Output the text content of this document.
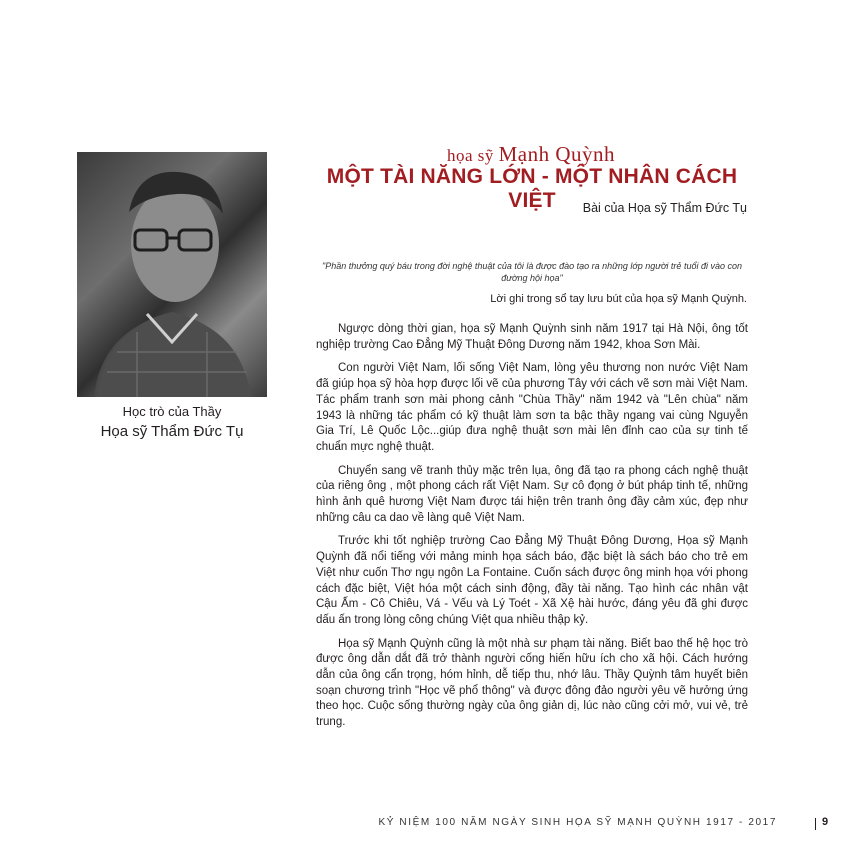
Học trò của Thầy
Họa sỹ Thẩm Đức Tụ
họa sỹ Mạnh Quỳnh
MỘT TÀI NĂNG LỚN - MỘT NHÂN CÁCH VIỆT	Bài của Họa sỹ Thẩm Đức Tụ
"Phần thưởng quý báu trong đời nghệ thuật của tôi là được đào tạo ra những lớp người trẻ tuổi đi vào con đường hội họa"
Lời ghi trong sổ tay lưu bút của họa sỹ Mạnh Quỳnh.

Ngược dòng thời gian, họa sỹ Mạnh Quỳnh sinh năm 1917 tại Hà Nội, ông tốt nghiệp trường Cao Đẳng Mỹ Thuật Đông Dương năm 1942, khoa Sơn Mài.

Con người Việt Nam, lối sống Việt Nam, lòng yêu thương non nước Việt Nam đã giúp họa sỹ hòa hợp được lối vẽ của phương Tây với cách vẽ sơn mài Việt Nam. Tác phẩm tranh sơn mài phong cảnh "Chùa Thầy" năm 1942 và "Lên chùa" năm 1943 là những tác phẩm có kỹ thuật làm sơn ta bậc thầy ngang vai cùng Nguyễn Gia Trí, Lê Quốc Lộc...giúp đưa nghệ thuật sơn mài lên đỉnh cao của sự tinh tế chuẩn mực nghệ thuật.

Chuyển sang vẽ tranh thủy mặc trên lụa, ông đã tạo ra phong cách nghệ thuật của riêng ông , một phong cách rất Việt Nam. Sự cô đọng ở bút pháp tinh tế, những hình ảnh quê hương Việt Nam được tái hiện trên tranh ông đầy cảm xúc, đẹp như những câu ca dao về làng quê Việt Nam.

Trước khi tốt nghiệp trường Cao Đẳng Mỹ Thuật Đông Dương, Họa sỹ Mạnh Quỳnh đã nổi tiếng với mảng minh họa sách báo, đặc biệt là sách báo cho trẻ em Việt như cuốn Thơ ngụ ngôn La Fontaine. Cuốn sách được ông minh họa với phong cách đặc biệt, Việt hóa một cách sinh động, đầy tài năng. Tạo hình các nhân vật Cậu Ấm - Cô Chiêu, Vá - Vếu và Lý Toét - Xã Xệ hài hước, đáng yêu đã ghi được dấu ấn trong lòng công chúng Việt qua nhiều thập kỷ.

Họa sỹ Mạnh Quỳnh cũng là một nhà sư phạm tài năng. Biết bao thế hệ học trò được ông dẫn dắt đã trở thành người cống hiến hữu ích cho xã hội. Cách hướng dẫn của ông cẩn trọng, hóm hỉnh, dễ tiếp thu, nhớ lâu. Thầy Quỳnh tâm huyết biên soạn chương trình "Học vẽ phổ thông" và được đông đảo người yêu vẽ hưởng ứng theo học. Cuộc sống thường ngày của ông giản dị, lúc nào cũng cởi mở, vui vẻ, trẻ trung.

KỶ NIỆM 100 NĂM NGÀY SINH HỌA SỸ MẠNH QUỲNH 1917 - 2017	9
